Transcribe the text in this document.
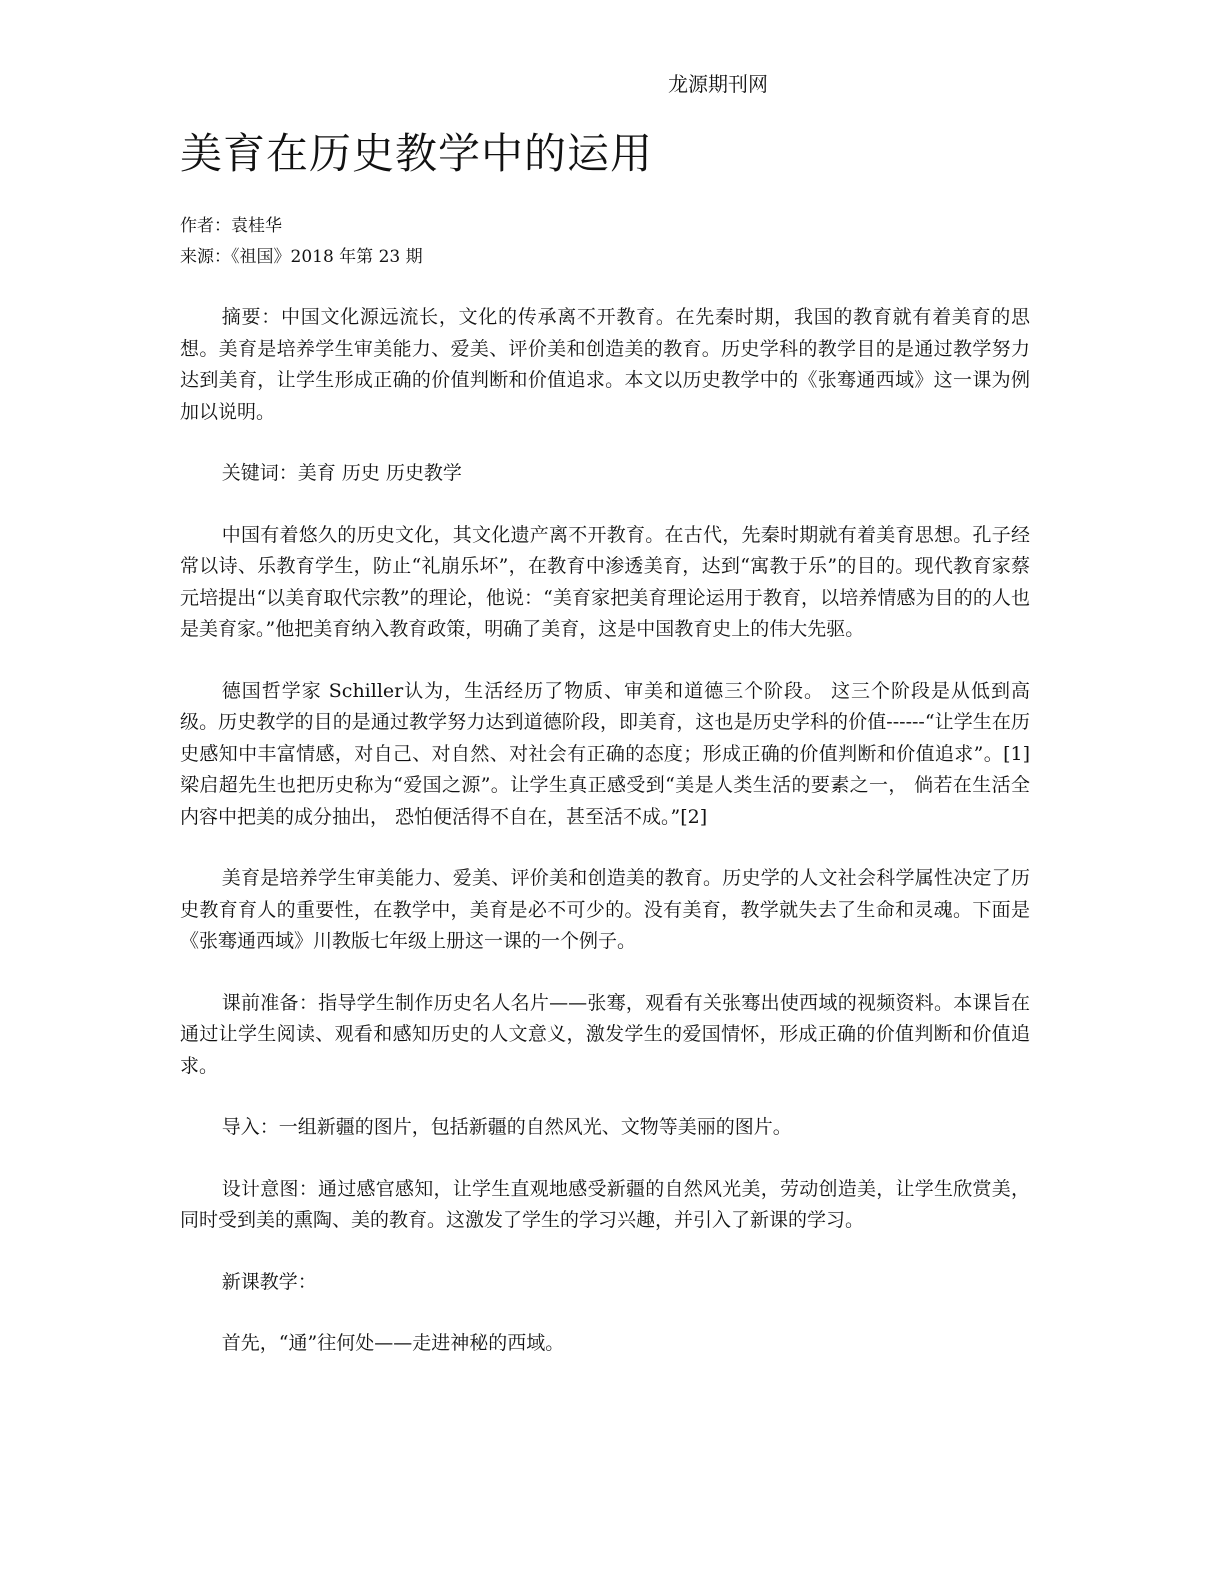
龙源期刊网
美育在历史教学中的运用
作者：袁桂华
来源：《祖国》2018 年第 23 期

摘要：中国文化源远流长，文化的传承离不开教育。在先秦时期，我国的教育就有着美育的思想。美育是培养学生审美能力、爱美、评价美和创造美的教育。历史学科的教学目的是通过教学努力达到美育，让学生形成正确的价值判断和价值追求。本文以历史教学中的《张骞通西域》这一课为例加以说明。

关键词：美育 历史 历史教学

中国有着悠久的历史文化，其文化遗产离不开教育。在古代，先秦时期就有着美育思想。孔子经常以诗、乐教育学生，防止“礼崩乐坏”，在教育中渗透美育，达到“寓教于乐”的目的。现代教育家蔡元培提出“以美育取代宗教”的理论，他说：“美育家把美育理论运用于教育，以培养情感为目的的人也是美育家。”他把美育纳入教育政策，明确了美育，这是中国教育史上的伟大先驱。

德国哲学家 Schiller认为，生活经历了物质、审美和道德三个阶段。 这三个阶段是从低到高级。历史教学的目的是通过教学努力达到道德阶段，即美育，这也是历史学科的价值------“让学生在历史感知中丰富情感，对自己、对自然、对社会有正确的态度；形成正确的价值判断和价值追求”。[1]梁启超先生也把历史称为“爱国之源”。让学生真正感受到“美是人类生活的要素之一， 倘若在生活全内容中把美的成分抽出， 恐怕便活得不自在，甚至活不成。”[2]

美育是培养学生审美能力、爱美、评价美和创造美的教育。历史学的人文社会科学属性决定了历史教育育人的重要性，在教学中，美育是必不可少的。没有美育，教学就失去了生命和灵魂。下面是《张骞通西域》川教版七年级上册这一课的一个例子。

课前准备：指导学生制作历史名人名片——张骞，观看有关张骞出使西域的视频资料。本课旨在通过让学生阅读、观看和感知历史的人文意义，激发学生的爱国情怀，形成正确的价值判断和价值追求。

导入：一组新疆的图片，包括新疆的自然风光、文物等美丽的图片。

设计意图：通过感官感知，让学生直观地感受新疆的自然风光美，劳动创造美，让学生欣赏美，同时受到美的熏陶、美的教育。这激发了学生的学习兴趣，并引入了新课的学习。

新课教学：

首先，“通”往何处——走进神秘的西域。
